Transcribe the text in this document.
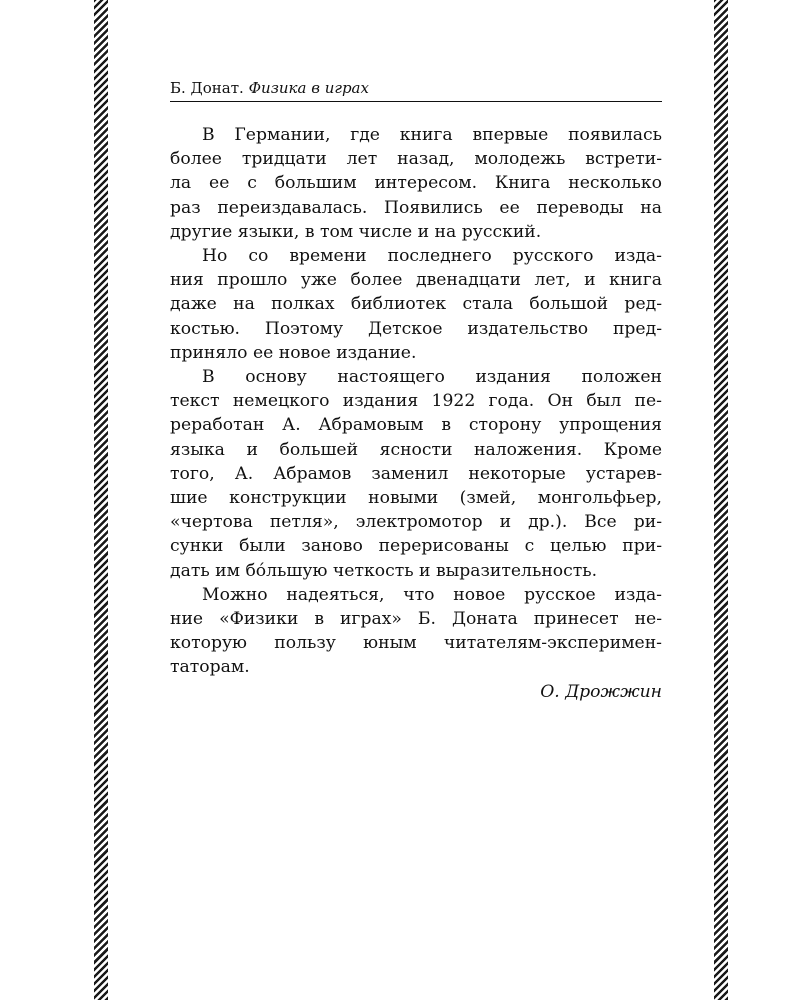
Б. Донат. Физика в играх
В Германии, где книга впервые появилась
более тридцати лет назад, молодежь встрети-
ла ее с большим интересом. Книга несколько
раз переиздавалась. Появились ее переводы на
другие языки, в том числе и на русский.
Но со времени последнего русского изда-
ния прошло уже более двенадцати лет, и книга
даже на полках библиотек стала большой ред-
костью. Поэтому Детское издательство пред-
приняло ее новое издание.
В основу настоящего издания положен
текст немецкого издания 1922 года. Он был пе-
реработан А. Абрамовым в сторону упрощения
языка и большей ясности наложения. Кроме
того, А. Абрамов заменил некоторые устарев-
шие конструкции новыми (змей, монгольфьер,
«чертова петля», электромотор и др.). Все ри-
сунки были заново перерисованы с целью при-
дать им бо́льшую четкость и выразительность.
Можно надеяться, что новое русское изда-
ние «Физики в играх» Б. Доната принесет не-
которую пользу юным читателям-эксперимен-
таторам.
О. Дрожжин
